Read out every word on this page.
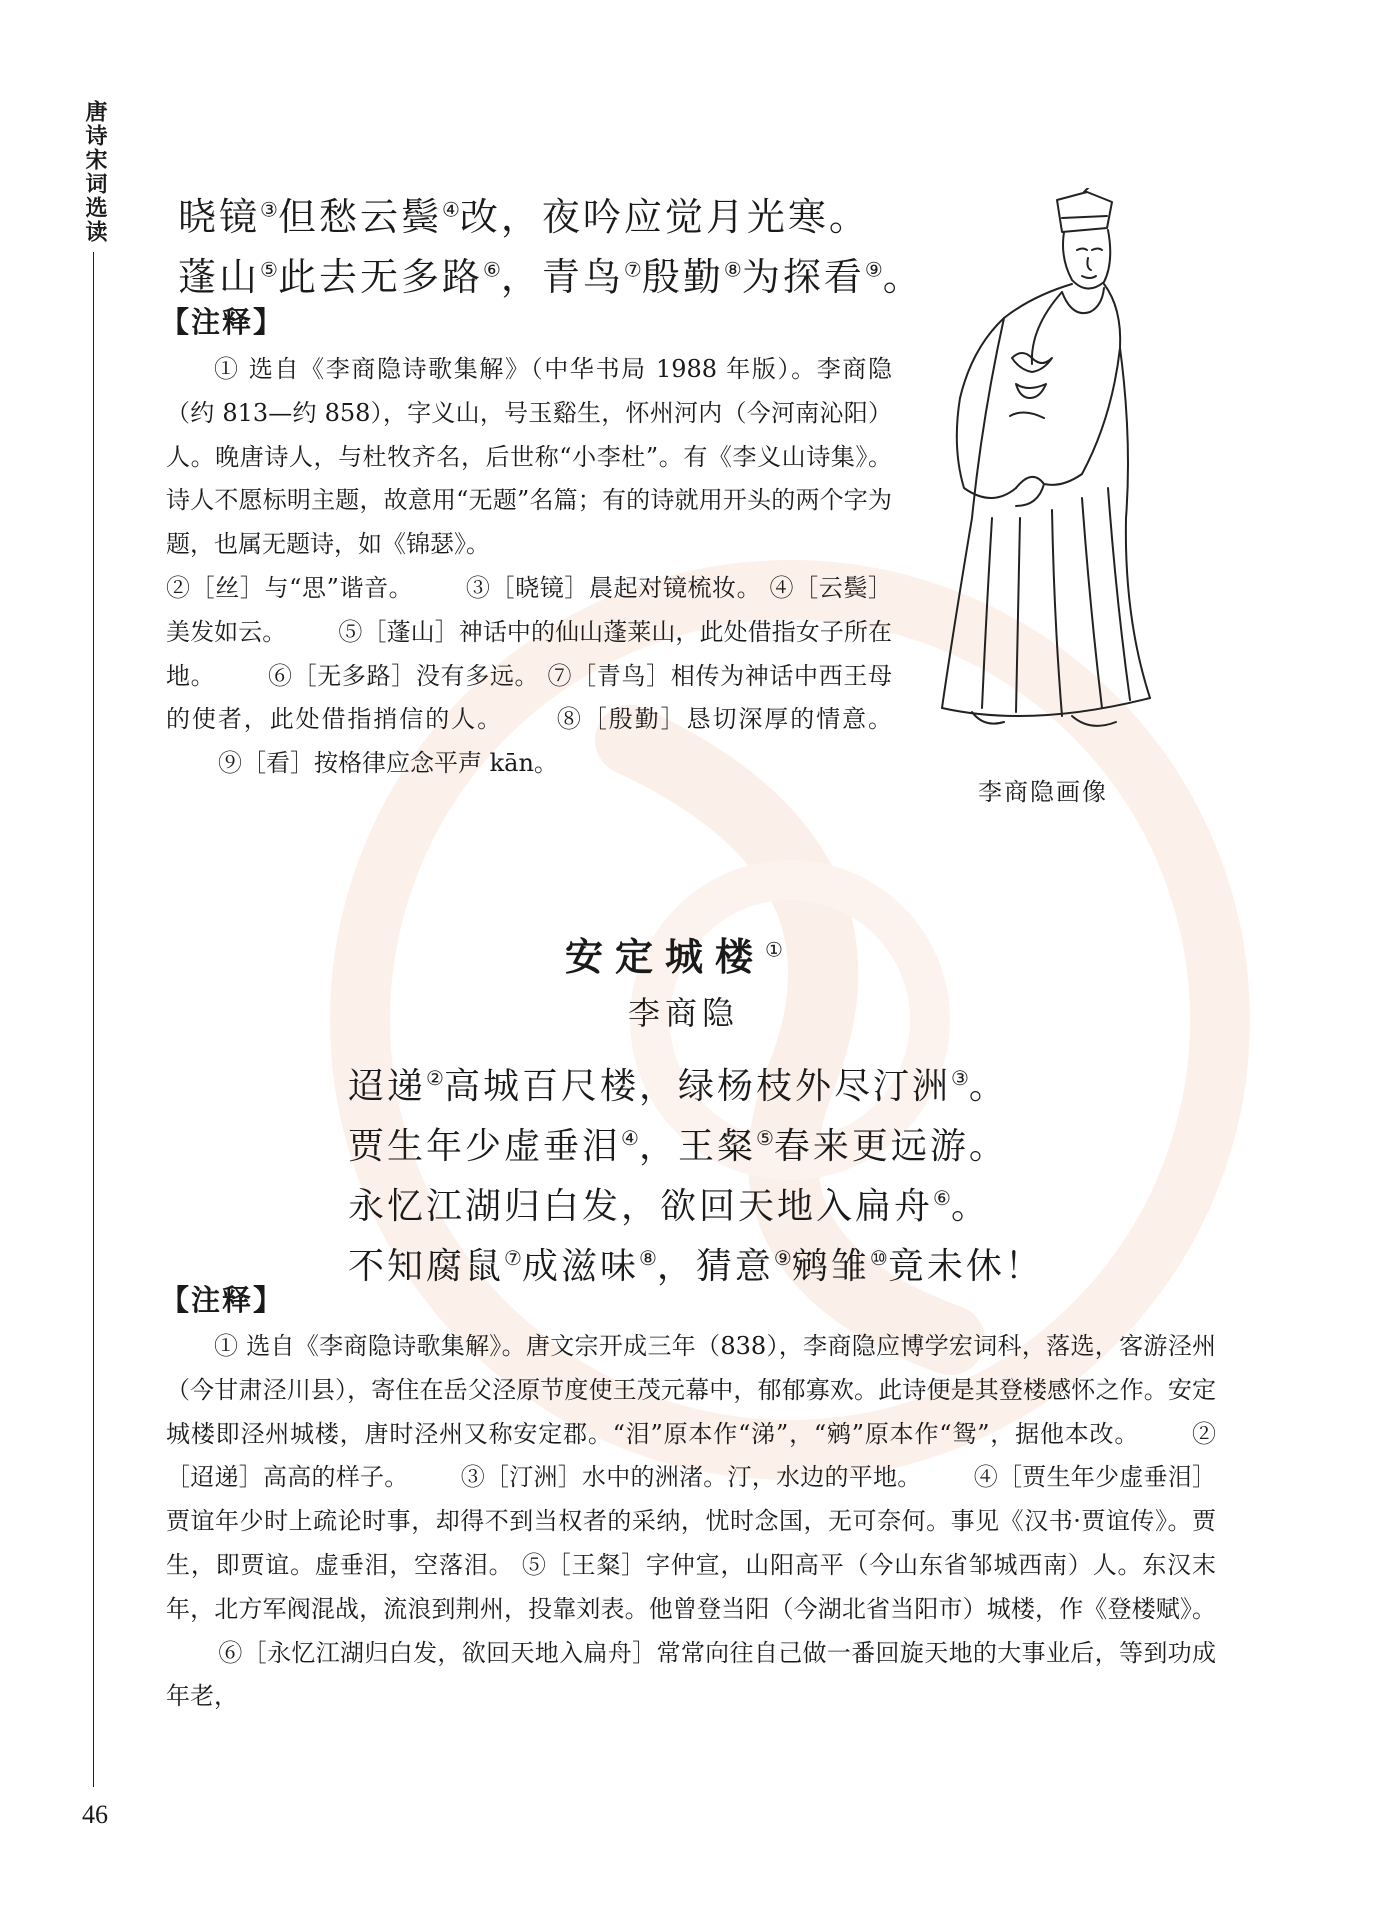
唐诗宋词选读
46
晓镜③但愁云鬓④改，夜吟应觉月光寒。
蓬山⑤此去无多路⑥，青鸟⑦殷勤⑧为探看⑨。
【注释】

① 选自《李商隐诗歌集解》（中华书局 1988 年版）。李商隐（约 813—约 858），字义山，号玉谿生，怀州河内（今河南沁阳）人。晚唐诗人，与杜牧齐名，后世称“小李杜”。有《李义山诗集》。诗人不愿标明主题，故意用“无题”名篇；有的诗就用开头的两个字为题，也属无题诗，如《锦瑟》。

②［丝］与“思”谐音。 ③［晓镜］晨起对镜梳妆。 ④［云鬓］美发如云。 ⑤［蓬山］神话中的仙山蓬莱山，此处借指女子所在地。 ⑥［无多路］没有多远。 ⑦［青鸟］相传为神话中西王母的使者，此处借指捎信的人。 ⑧［殷勤］恳切深厚的情意。⑨［看］按格律应念平声 kān。

李商隐画像
安定城楼①
李商隐
迢递②高城百尺楼，绿杨枝外尽汀洲③。
贾生年少虚垂泪④，王粲⑤春来更远游。
永忆江湖归白发，欲回天地入扁舟⑥。
不知腐鼠⑦成滋味⑧，猜意⑨鹓雏⑩竟未休！
【注释】

① 选自《李商隐诗歌集解》。唐文宗开成三年（838），李商隐应博学宏词科，落选，客游泾州（今甘肃泾川县），寄住在岳父泾原节度使王茂元幕中，郁郁寡欢。此诗便是其登楼感怀之作。安定城楼即泾州城楼，唐时泾州又称安定郡。“泪”原本作“涕”，“鹓”原本作“鸳”，据他本改。 ②［迢递］高高的样子。 ③［汀洲］水中的洲渚。汀，水边的平地。 ④［贾生年少虚垂泪］贾谊年少时上疏论时事，却得不到当权者的采纳，忧时念国，无可奈何。事见《汉书·贾谊传》。贾生，即贾谊。虚垂泪，空落泪。 ⑤［王粲］字仲宣，山阳高平（今山东省邹城西南）人。东汉末年，北方军阀混战，流浪到荆州，投靠刘表。他曾登当阳（今湖北省当阳市）城楼，作《登楼赋》。⑥［永忆江湖归白发，欲回天地入扁舟］常常向往自己做一番回旋天地的大事业后，等到功成年老，
